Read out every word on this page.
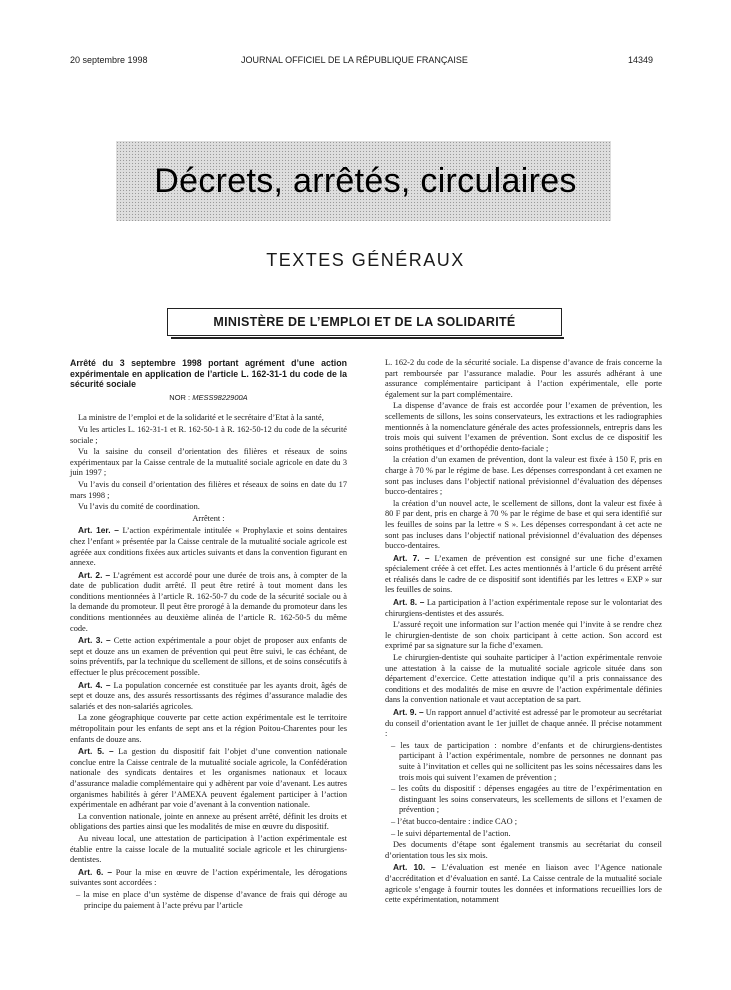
20 septembre 1998	JOURNAL OFFICIEL DE LA RÉPUBLIQUE FRANÇAISE	14349
Décrets, arrêtés, circulaires
TEXTES GÉNÉRAUX
MINISTÈRE DE L’EMPLOI ET DE LA SOLIDARITÉ

Arrêté du 3 septembre 1998 portant agrément d’une action expérimentale en application de l’article L. 162-31-1 du code de la sécurité sociale

NOR : MESS9822900A

La ministre de l’emploi et de la solidarité et le secrétaire d’Etat à la santé,

Vu les articles L. 162-31-1 et R. 162-50-1 à R. 162-50-12 du code de la sécurité sociale ;

Vu la saisine du conseil d’orientation des filières et réseaux de soins expérimentaux par la Caisse centrale de la mutualité sociale agricole en date du 3 juin 1997 ;

Vu l’avis du conseil d’orientation des filières et réseaux de soins en date du 17 mars 1998 ;

Vu l’avis du comité de coordination.

Arrêtent :

Art. 1er. – L’action expérimentale intitulée « Prophylaxie et soins dentaires chez l’enfant » présentée par la Caisse centrale de la mutualité sociale agricole est agréée aux conditions fixées aux articles suivants et dans la convention figurant en annexe.

Art. 2. – L’agrément est accordé pour une durée de trois ans, à compter de la date de publication dudit arrêté. Il peut être retiré à tout moment dans les conditions mentionnées à l’article R. 162-50-7 du code de la sécurité sociale ou à la demande du promoteur. Il peut être prorogé à la demande du promoteur dans les conditions mentionnées au deuxième alinéa de l’article R. 162-50-5 du même code.

Art. 3. – Cette action expérimentale a pour objet de proposer aux enfants de sept et douze ans un examen de prévention qui peut être suivi, le cas échéant, de soins préventifs, par la technique du scellement de sillons, et de soins consécutifs à effectuer le plus précocement possible.

Art. 4. – La population concernée est constituée par les ayants droit, âgés de sept et douze ans, des assurés ressortissants des régimes d’assurance maladie des salariés et des non-salariés agricoles.

La zone géographique couverte par cette action expérimentale est le territoire métropolitain pour les enfants de sept ans et la région Poitou-Charentes pour les enfants de douze ans.

Art. 5. – La gestion du dispositif fait l’objet d’une convention nationale conclue entre la Caisse centrale de la mutualité sociale agricole, la Confédération nationale des syndicats dentaires et les organismes nationaux et locaux d’assurance maladie complémentaire qui y adhèrent par voie d’avenant. Les autres organismes habilités à gérer l’AMEXA peuvent également participer à l’action expérimentale en adhérant par voie d’avenant à la convention nationale.

La convention nationale, jointe en annexe au présent arrêté, définit les droits et obligations des parties ainsi que les modalités de mise en œuvre du dispositif.

Au niveau local, une attestation de participation à l’action expérimentale est établie entre la caisse locale de la mutualité sociale agricole et les chirurgiens-dentistes.

Art. 6. – Pour la mise en œuvre de l’action expérimentale, les dérogations suivantes sont accordées :

– la mise en place d’un système de dispense d’avance de frais qui déroge au principe du paiement à l’acte prévu par l’article

L. 162-2 du code de la sécurité sociale. La dispense d’avance de frais concerne la part remboursée par l’assurance maladie. Pour les assurés adhérant à une assurance complémentaire participant à l’action expérimentale, elle porte également sur la part complémentaire.

La dispense d’avance de frais est accordée pour l’examen de prévention, les scellements de sillons, les soins conservateurs, les extractions et les radiographies mentionnés à la nomenclature générale des actes professionnels, entrepris dans les trois mois qui suivent l’examen de prévention. Sont exclus de ce dispositif les soins prothétiques et d’orthopédie dento-faciale ;

la création d’un examen de prévention, dont la valeur est fixée à 150 F, pris en charge à 70 % par le régime de base. Les dépenses correspondant à cet examen ne sont pas incluses dans l’objectif national prévisionnel d’évaluation des dépenses bucco-dentaires ;

la création d’un nouvel acte, le scellement de sillons, dont la valeur est fixée à 80 F par dent, pris en charge à 70 % par le régime de base et qui sera identifié sur les feuilles de soins par la lettre « S ». Les dépenses correspondant à cet acte ne sont pas incluses dans l’objectif national prévisionnel d’évaluation des dépenses bucco-dentaires.

Art. 7. – L’examen de prévention est consigné sur une fiche d’examen spécialement créée à cet effet. Les actes mentionnés à l’article 6 du présent arrêté et réalisés dans le cadre de ce dispositif sont identifiés par les lettres « EXP » sur les feuilles de soins.

Art. 8. – La participation à l’action expérimentale repose sur le volontariat des chirurgiens-dentistes et des assurés.

L’assuré reçoit une information sur l’action menée qui l’invite à se rendre chez le chirurgien-dentiste de son choix participant à cette action. Son accord est exprimé par sa signature sur la fiche d’examen.

Le chirurgien-dentiste qui souhaite participer à l’action expérimentale renvoie une attestation à la caisse de la mutualité sociale agricole située dans son département d’exercice. Cette attestation indique qu’il a pris connaissance des conditions et des modalités de mise en œuvre de l’action expérimentale définies dans la convention nationale et vaut acceptation de sa part.

Art. 9. – Un rapport annuel d’activité est adressé par le promoteur au secrétariat du conseil d’orientation avant le 1er juillet de chaque année. Il précise notamment :

– les taux de participation : nombre d’enfants et de chirurgiens-dentistes participant à l’action expérimentale, nombre de personnes ne donnant pas suite à l’invitation et celles qui ne sollicitent pas les soins nécessaires dans les trois mois qui suivent l’examen de prévention ;

– les coûts du dispositif : dépenses engagées au titre de l’expérimentation en distinguant les soins conservateurs, les scellements de sillons et l’examen de prévention ;

– l’état bucco-dentaire : indice CAO ;

– le suivi départemental de l’action.

Des documents d’étape sont également transmis au secrétariat du conseil d’orientation tous les six mois.

Art. 10. – L’évaluation est menée en liaison avec l’Agence nationale d’accréditation et d’évaluation en santé. La Caisse centrale de la mutualité sociale agricole s’engage à fournir toutes les données et informations recueillies lors de cette expérimentation, notamment
